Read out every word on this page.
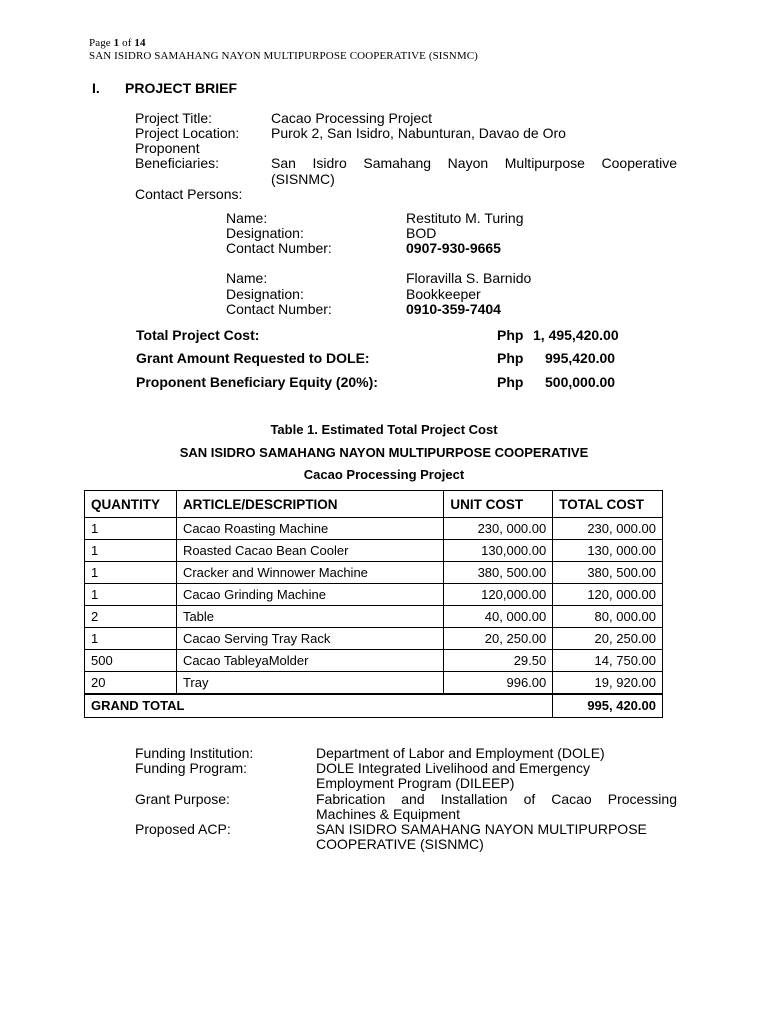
Page 1 of 14
SAN ISIDRO SAMAHANG NAYON MULTIPURPOSE COOPERATIVE (SISNMC)
I. PROJECT BRIEF
Project Title:	Cacao Processing Project
Project Location: Purok 2, San Isidro, Nabunturan, Davao de Oro
Proponent
Beneficiaries:	San Isidro Samahang Nayon Multipurpose Cooperative
(SISNMC)
Contact Persons:
Name:	Restituto M. Turing
Designation:	BOD
Contact Number:	0907-930-9665
Name:	Floravilla S. Barnido
Designation:	Bookkeeper
Contact Number:	0910-359-7404
Total Project Cost:	Php 1, 495,420.00
Grant Amount Requested to DOLE:	Php 995,420.00
Proponent Beneficiary Equity (20%):	Php 500,000.00
Table 1. Estimated Total Project Cost
SAN ISIDRO SAMAHANG NAYON MULTIPURPOSE COOPERATIVE
Cacao Processing Project
QUANTITY	ARTICLE/DESCRIPTION	UNIT COST	TOTAL COST
1	Cacao Roasting Machine	230, 000.00	230, 000.00
1	Roasted Cacao Bean Cooler	130,000.00	130, 000.00
1	Cracker and Winnower Machine	380, 500.00	380, 500.00
1	Cacao Grinding Machine	120,000.00	120, 000.00
2	Table	40, 000.00	80, 000.00
1	Cacao Serving Tray Rack	20, 250.00	20, 250.00
500	Cacao TableyaMolder	29.50	14, 750.00
20	Tray	996.00	19, 920.00
GRAND TOTAL			995, 420.00
Funding Institution:	Department of Labor and Employment (DOLE)
Funding Program:	DOLE Integrated Livelihood and Emergency
Employment Program (DILEEP)
Grant Purpose:	Fabrication and Installation of Cacao Processing
Machines & Equipment
Proposed ACP:	SAN ISIDRO SAMAHANG NAYON MULTIPURPOSE
COOPERATIVE (SISNMC)
